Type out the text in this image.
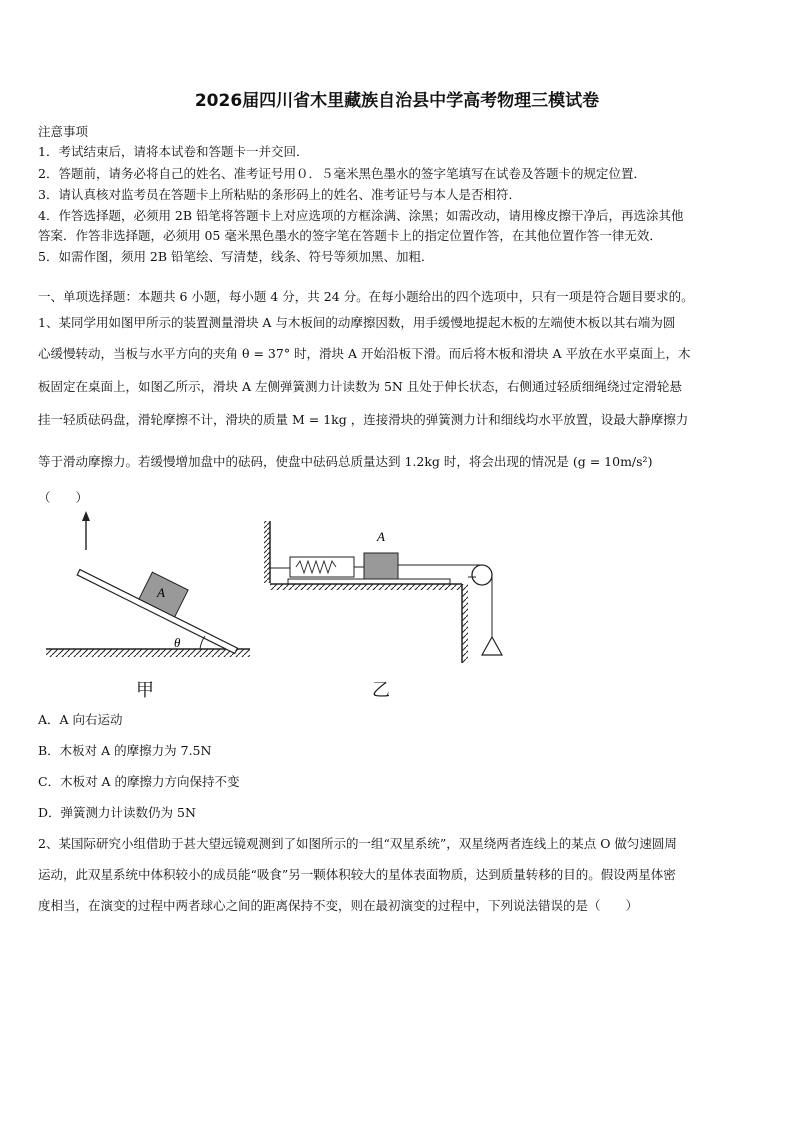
2026届四川省木里藏族自治县中学高考物理三模试卷
注意事项
1．考试结束后，请将本试卷和答题卡一并交回．
2．答题前，请务必将自己的姓名、准考证号用０．５毫米黑色墨水的签字笔填写在试卷及答题卡的规定位置．
3．请认真核对监考员在答题卡上所粘贴的条形码上的姓名、准考证号与本人是否相符．
4．作答选择题，必须用 2B 铅笔将答题卡上对应选项的方框涂满、涂黑；如需改动，请用橡皮擦干净后，再选涂其他
答案．作答非选择题，必须用 05 毫米黑色墨水的签字笔在答题卡上的指定位置作答，在其他位置作答一律无效．
5．如需作图，须用 2B 铅笔绘、写清楚，线条、符号等须加黑、加粗．
一、单项选择题：本题共 6 小题，每小题 4 分，共 24 分。在每小题给出的四个选项中，只有一项是符合题目要求的。
1、某同学用如图甲所示的装置测量滑块 A 与木板间的动摩擦因数，用手缓慢地提起木板的左端使木板以其右端为圆
心缓慢转动，当板与水平方向的夹角 θ = 37° 时，滑块 A 开始沿板下滑。而后将木板和滑块 A 平放在水平桌面上，木
板固定在桌面上，如图乙所示，滑块 A 左侧弹簧测力计读数为 5N 且处于伸长状态，右侧通过轻质细绳绕过定滑轮悬
挂一轻质砝码盘，滑轮摩擦不计，滑块的质量 M = 1kg ，连接滑块的弹簧测力计和细线均水平放置，设最大静摩擦力
等于滑动摩擦力。若缓慢增加盘中的砝码，使盘中砝码总质量达到 1.2kg 时，将会出现的情况是 (g = 10m/s²)
（　　）
θ
A
甲
A
乙
A．A 向右运动
B．木板对 A 的摩擦力为 7.5N
C．木板对 A 的摩擦力方向保持不变
D．弹簧测力计读数仍为 5N
2、某国际研究小组借助于甚大望远镜观测到了如图所示的一组“双星系统”，双星绕两者连线上的某点 O 做匀速圆周
运动，此双星系统中体积较小的成员能“吸食”另一颗体积较大的星体表面物质，达到质量转移的目的。假设两星体密
度相当，在演变的过程中两者球心之间的距离保持不变，则在最初演变的过程中，下列说法错误的是（　　）
